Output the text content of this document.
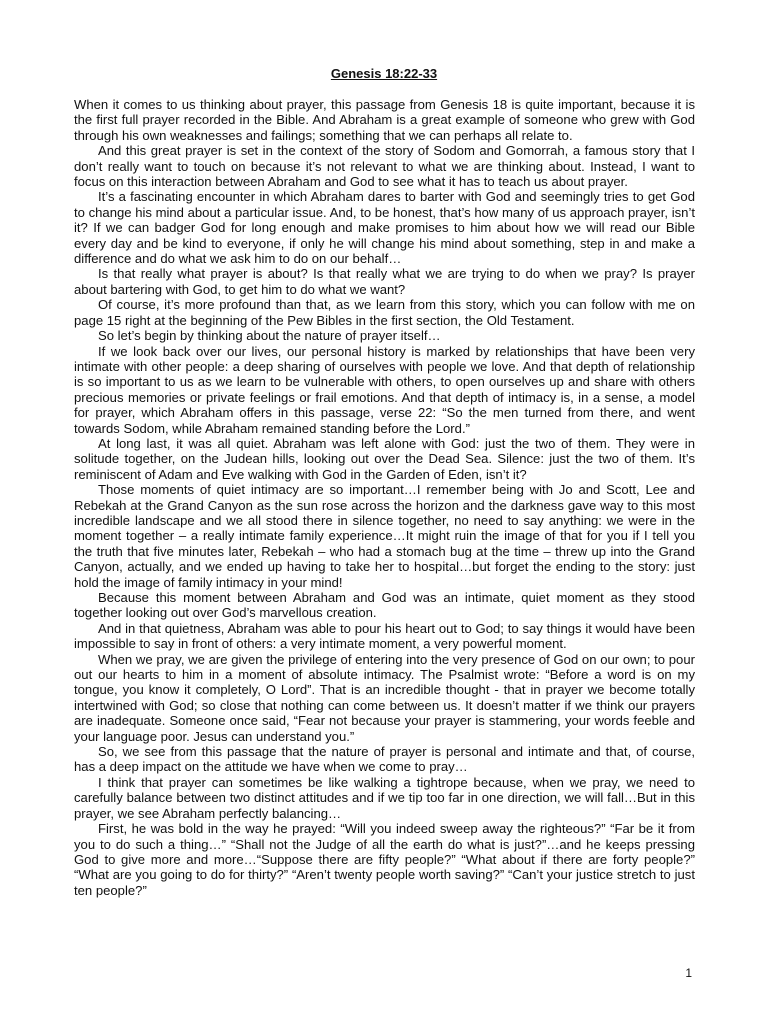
Genesis 18:22-33

When it comes to us thinking about prayer, this passage from Genesis 18 is quite important, because it is the first full prayer recorded in the Bible. And Abraham is a great example of someone who grew with God through his own weaknesses and failings; something that we can perhaps all relate to.

And this great prayer is set in the context of the story of Sodom and Gomorrah, a famous story that I don’t really want to touch on because it’s not relevant to what we are thinking about. Instead, I want to focus on this interaction between Abraham and God to see what it has to teach us about prayer.

It’s a fascinating encounter in which Abraham dares to barter with God and seemingly tries to get God to change his mind about a particular issue. And, to be honest, that’s how many of us approach prayer, isn’t it? If we can badger God for long enough and make promises to him about how we will read our Bible every day and be kind to everyone, if only he will change his mind about something, step in and make a difference and do what we ask him to do on our behalf…

Is that really what prayer is about? Is that really what we are trying to do when we pray? Is prayer about bartering with God, to get him to do what we want?

Of course, it’s more profound than that, as we learn from this story, which you can follow with me on page 15 right at the beginning of the Pew Bibles in the first section, the Old Testament.

So let’s begin by thinking about the nature of prayer itself…

If we look back over our lives, our personal history is marked by relationships that have been very intimate with other people: a deep sharing of ourselves with people we love. And that depth of relationship is so important to us as we learn to be vulnerable with others, to open ourselves up and share with others precious memories or private feelings or frail emotions. And that depth of intimacy is, in a sense, a model for prayer, which Abraham offers in this passage, verse 22: “So the men turned from there, and went towards Sodom, while Abraham remained standing before the Lord.”

At long last, it was all quiet. Abraham was left alone with God: just the two of them. They were in solitude together, on the Judean hills, looking out over the Dead Sea. Silence: just the two of them. It’s reminiscent of Adam and Eve walking with God in the Garden of Eden, isn’t it?

Those moments of quiet intimacy are so important…I remember being with Jo and Scott, Lee and Rebekah at the Grand Canyon as the sun rose across the horizon and the darkness gave way to this most incredible landscape and we all stood there in silence together, no need to say anything: we were in the moment together – a really intimate family experience…It might ruin the image of that for you if I tell you the truth that five minutes later, Rebekah – who had a stomach bug at the time – threw up into the Grand Canyon, actually, and we ended up having to take her to hospital…but forget the ending to the story: just hold the image of family intimacy in your mind!

Because this moment between Abraham and God was an intimate, quiet moment as they stood together looking out over God’s marvellous creation.

And in that quietness, Abraham was able to pour his heart out to God; to say things it would have been impossible to say in front of others: a very intimate moment, a very powerful moment.

When we pray, we are given the privilege of entering into the very presence of God on our own; to pour out our hearts to him in a moment of absolute intimacy. The Psalmist wrote: “Before a word is on my tongue, you know it completely, O Lord”. That is an incredible thought - that in prayer we become totally intertwined with God; so close that nothing can come between us. It doesn’t matter if we think our prayers are inadequate. Someone once said, “Fear not because your prayer is stammering, your words feeble and your language poor. Jesus can understand you.”

So, we see from this passage that the nature of prayer is personal and intimate and that, of course, has a deep impact on the attitude we have when we come to pray…

I think that prayer can sometimes be like walking a tightrope because, when we pray, we need to carefully balance between two distinct attitudes and if we tip too far in one direction, we will fall…But in this prayer, we see Abraham perfectly balancing…

First, he was bold in the way he prayed: “Will you indeed sweep away the righteous?” “Far be it from you to do such a thing…” “Shall not the Judge of all the earth do what is just?”…and he keeps pressing God to give more and more…“Suppose there are fifty people?” “What about if there are forty people?” “What are you going to do for thirty?” “Aren’t twenty people worth saving?” “Can’t your justice stretch to just ten people?”

1
